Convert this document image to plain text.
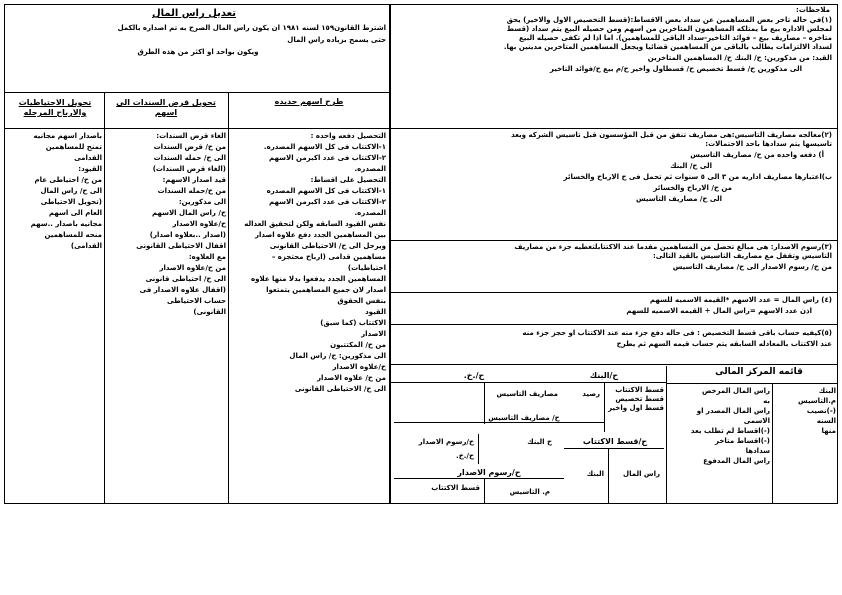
ملاحظات:
(١)في حاله تاخر بعض المساهمين عن سداد بعض الاقساط:(قسط التخصيص الاول والاخير) يحق
لمجلس الاداره بيع ما يمتلكه المساهمون المتاخرين من اسهم ومن حصيله البيع يتم سداد (قسط
متاخره – مصاريف بيع – فوائد التاخير-سداد الباقى للمساهمين). اما اذا لم تكفى حصيله البيع
لسداد الالتزامات يطالب بالباقى من المساهمين قضائيا ويجعل المساهمين المتاخرين مدينين بها.
القيد: من مذكورين: ح/ البنك ح/ المساهمين المتاخرين
الى مذكورين ح/ قسط تخصيص ح/ قسطاول واخير ح/م بيع ح/فوائد التاخير
(٢)معالجه مصاريف التاسيس:هى مصاريف تنفق من قبل المؤسسون قبل تاسيس الشركه وبعد
تاسيسها يتم سدادها باحد الاحتمالات:
أ) دفعه واحده من ح/ مصاريف التاسيس
الى ح/ البنك
ب)اعتبارها مصاريف اداريه من ٣ الى ٥ سنوات ثم تحمل فى ح الارباح والخسائر
من ح/ الارباح والخسائر
الى ح/ مصاريف التاسيس
(٣)رسوم الاصدار: هى مبالغ تحصل من المساهمين مقدما عند الاكتتابلتغطيه جزء من مصاريف
التاسيس وتقفل مع مصاريف التاسيس بالقيد التالى:
من ح/ رسوم الاصدار الى ح/ مصاريف التاسيس
(٤) راس المال = عدد الاسهم *القيمه الاسميه للسهم
اذن عدد الاسهم =راس المال ÷ القيمه الاسميه للسهم
(٥)كيفيه حساب باقى قسط التخصيص : فى حاله دفع جزء منه عند الاكتتاب او حجز جزء منه
عند الاكتتاب بالمعادله السابقه يتم حساب قيمه السهم ثم يطرح
قائمه المركز المالى
البنك
م.التاسيس
(-)نصيب
السنه
منها
راس المال المرخص
به
راس المال المصدر او
الاسمى
(-)اقساط لم تطلب بعد
(-)اقساط متاخر
سدادها
راس المال المدفوع
ح/البنك
ح/.خ.
قسط الاكتتاب
قسط تخصيص
قسط اول واخير
رصيد
مصاريف التاسيس
ح/ مصاريف التاسيس
ح/قسط الاكتتاب
راس المال
البنك
ح البنك
ح/رسوم الاصدار
ح/.خ.
ح/رسوم الاصدار
قسط الاكتتاب	م. التاسيس
تعديل راس المال
اشترط القانون١٥٩ لسنه ١٩٨١ ان يكون راس المال الصرح به تم اصداره بالكمل
حتى يسمح بزياده راس المال
ويكون بواحد او اكثر من هذه الطرق
طرح اسهم جديده
تحويل قرض السندات الى اسهم
تحويل الاحتياطيات والارباح المرحله
التحصيل دفعه واحده :
١-الاكتتاب فى كل الاسهم المصدره.
٢-الاكتتاب فى عدد اكبرمن الاسهم
المصدره.
التحصيل على اقساط:
١-الاكتتاب فى كل الاسهم المصدره
٢-الاكتتاب فى عدد اكبرمن الاسهم
المصدره.
نفس القيود السابقه ولكن لتحقيق العداله
بين المساهمين الجدد دفع علاوه اصدار
ويرحل الى ح/ الاحتياطى القانونى
مساهمين قدامى (ارباح محتجزه –
احتياطيات)
المساهمين الجدد يدفعوا بدلا منها علاوه
اصدار لان جميع المساهمين يتمتعوا
بنفس الحقوق
القيود
الاكتتاب (كما سبق)
الاصدار
من ح/ المكتتبون
الى مذكورين: ح/ راس المال
ح/علاوه الاصدار
من ح/ علاوه الاصدار
الى ح/ الاحتياطى القانونى
الغاء قرض السندات:
من ح/ قرض السندات
الى ح/ حمله السندات
(الغاء قرض السندات)
قيد اصدار الاسهم:
من ح/حمله السندات
الى مذكورين:
ح/ راس المال الاسهم
ح/علاوه الاصدار
(اصدار ..بعلاوه اصدار)
اقفال الاحتياطى القانونى
مع العلاوه:
من ح/علاوه الاصدار
الى ح/ احتياطى قانونى
(اقفال علاوه الاصدار فى
حساب الاحتياطى
القانونى)
باصدار اسهم مجانيه
تمنح للمساهمين
القدامى
القيود:
من ح/ احتياطى عام
الى ح/ راس المال
(تحويل الاحتياطى
العام الى اسهم
مجانيه باصدار ..سهم
منحه للمساهمين
القدامى)
